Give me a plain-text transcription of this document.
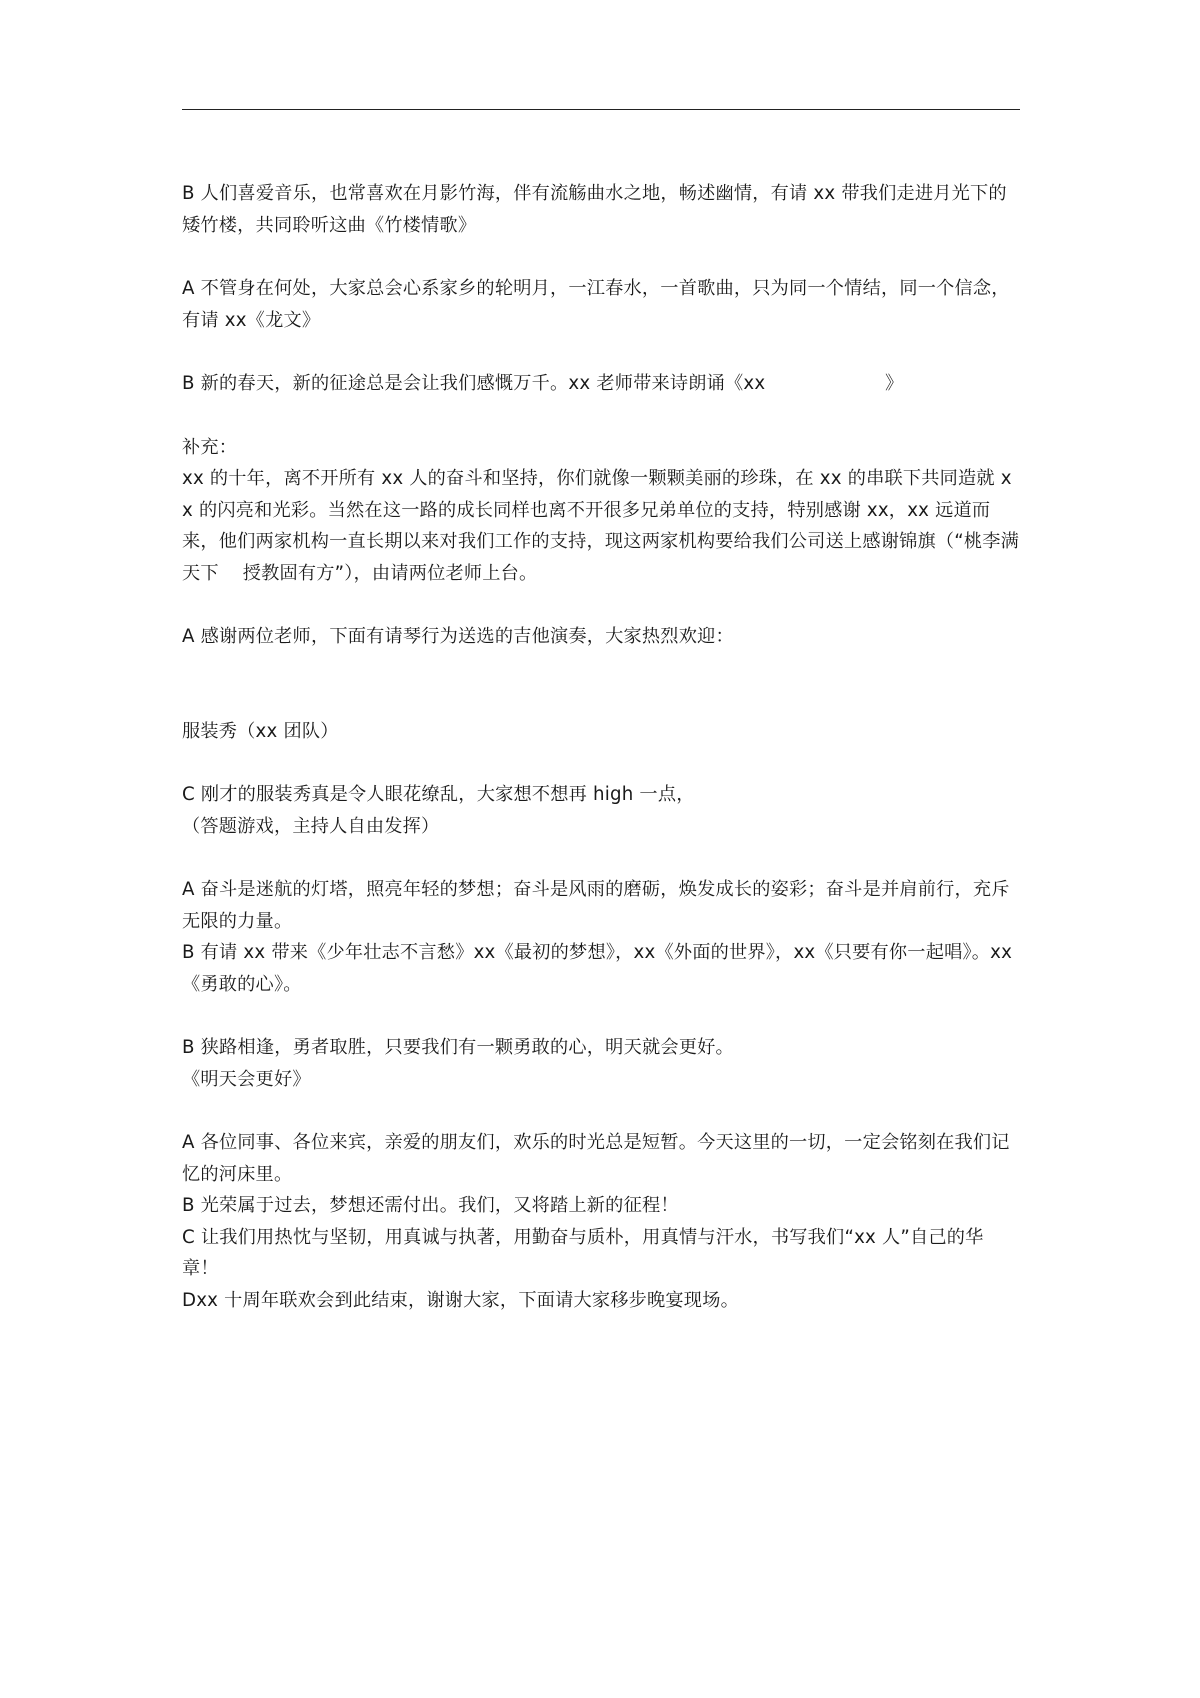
B 人们喜爱音乐，也常喜欢在月影竹海，伴有流觞曲水之地，畅述幽情，有请 xx 带我们走进月光下的矮竹楼，共同聆听这曲《竹楼情歌》

A 不管身在何处，大家总会心系家乡的轮明月，一江春水，一首歌曲，只为同一个情结，同一个信念，有请 xx《龙文》

B 新的春天，新的征途总是会让我们感慨万千。xx 老师带来诗朗诵《xx                    》

补充：

xx 的十年，离不开所有 xx 人的奋斗和坚持，你们就像一颗颗美丽的珍珠，在 xx 的串联下共同造就 xx 的闪亮和光彩。当然在这一路的成长同样也离不开很多兄弟单位的支持，特别感谢 xx，xx 远道而来，他们两家机构一直长期以来对我们工作的支持，现这两家机构要给我们公司送上感谢锦旗（“桃李满天下    授教固有方”），由请两位老师上台。

A 感谢两位老师，下面有请琴行为送选的吉他演奏，大家热烈欢迎：

服装秀（xx 团队）

C 刚才的服装秀真是令人眼花缭乱，大家想不想再 high 一点，

（答题游戏，主持人自由发挥）

A 奋斗是迷航的灯塔，照亮年轻的梦想；奋斗是风雨的磨砺，焕发成长的姿彩；奋斗是并肩前行，充斥无限的力量。

B 有请 xx 带来《少年壮志不言愁》xx《最初的梦想》，xx《外面的世界》，xx《只要有你一起唱》。xx《勇敢的心》。

B 狭路相逢，勇者取胜，只要我们有一颗勇敢的心，明天就会更好。

《明天会更好》

A 各位同事、各位来宾，亲爱的朋友们，欢乐的时光总是短暂。今天这里的一切，一定会铭刻在我们记忆的河床里。

B 光荣属于过去，梦想还需付出。我们，又将踏上新的征程！

C 让我们用热忱与坚韧，用真诚与执著，用勤奋与质朴，用真情与汗水，书写我们“xx 人”自己的华章！

Dxx 十周年联欢会到此结束，谢谢大家，下面请大家移步晚宴现场。
